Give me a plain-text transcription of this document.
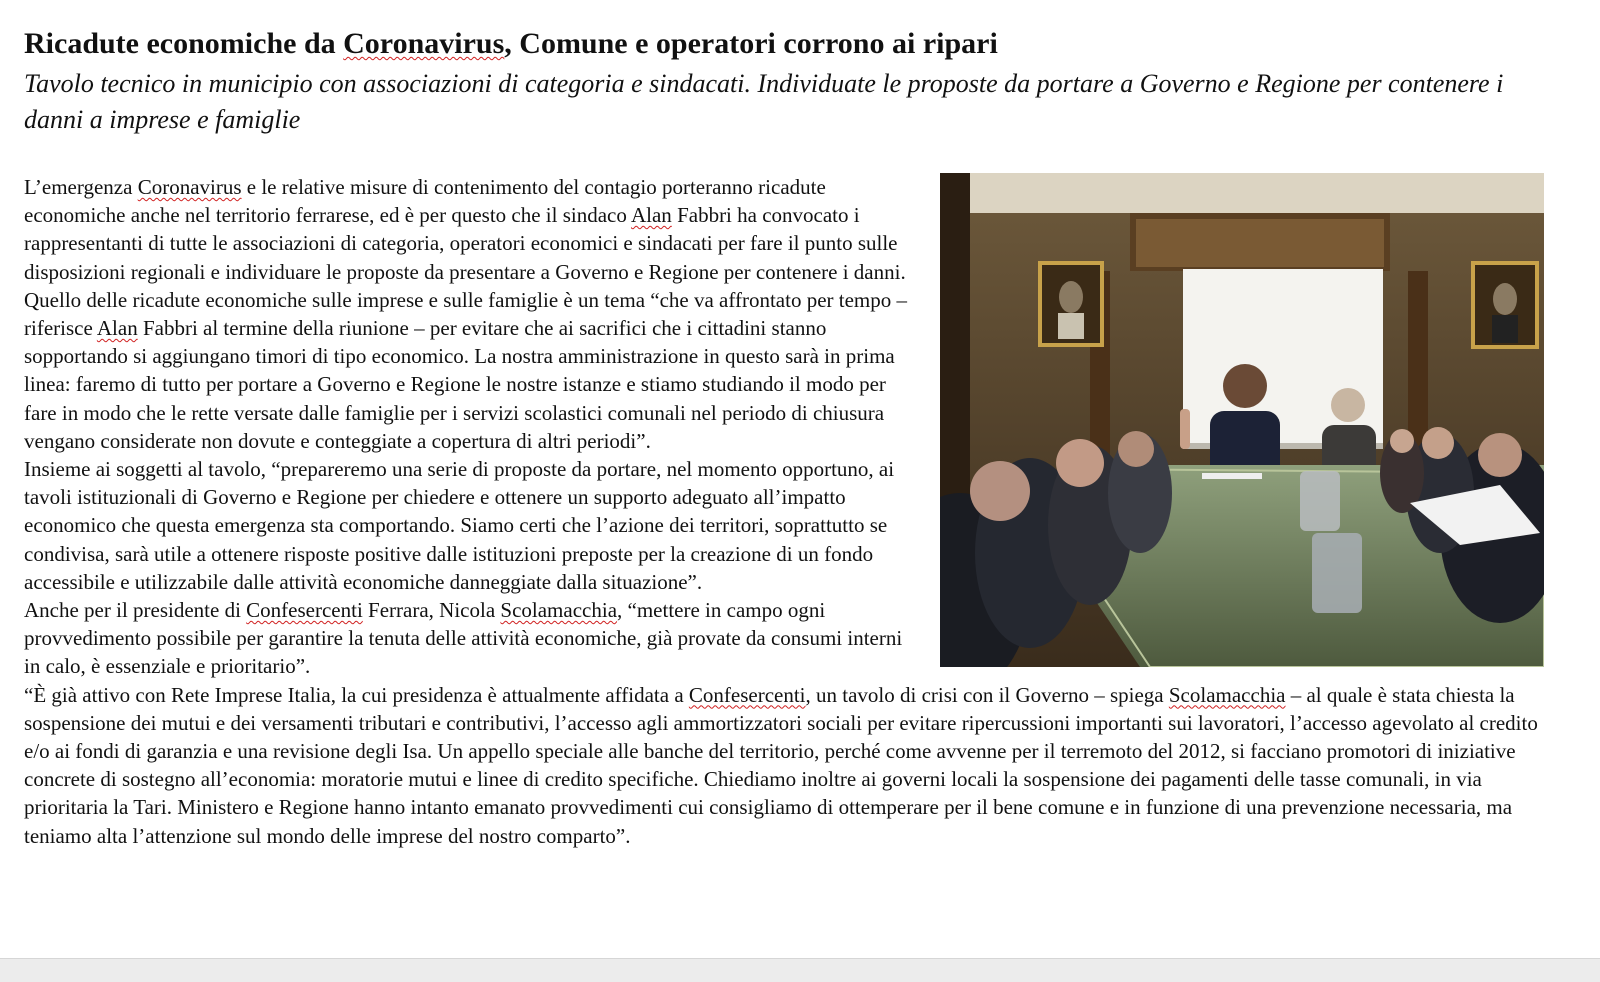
Ricadute economiche da Coronavirus, Comune e operatori corrono ai ripari

Tavolo tecnico in municipio con associazioni di categoria e sindacati. Individuate le proposte da portare a Governo e Regione per contenere i danni a imprese e famiglie

L’emergenza Coronavirus e le relative misure di contenimento del contagio porteranno ricadute economiche anche nel territorio ferrarese, ed è per questo che il sindaco Alan Fabbri ha convocato i rappresentanti di tutte le associazioni di categoria, operatori economici e sindacati per fare il punto sulle disposizioni regionali e individuare le proposte da presentare a Governo e Regione per contenere i danni.

Quello delle ricadute economiche sulle imprese e sulle famiglie è un tema “che va affrontato per tempo – riferisce Alan Fabbri al termine della riunione – per evitare che ai sacrifici che i cittadini stanno sopportando si aggiungano timori di tipo economico. La nostra amministrazione in questo sarà in prima linea: faremo di tutto per portare a Governo e Regione le nostre istanze e stiamo studiando il modo per fare in modo che le rette versate dalle famiglie per i servizi scolastici comunali nel periodo di chiusura vengano considerate non dovute e conteggiate a copertura di altri periodi”.

Insieme ai soggetti al tavolo, “prepareremo una serie di proposte da portare, nel momento opportuno, ai tavoli istituzionali di Governo e Regione per chiedere e ottenere un supporto adeguato all’impatto economico che questa emergenza sta comportando. Siamo certi che l’azione dei territori, soprattutto se condivisa, sarà utile a ottenere risposte positive dalle istituzioni preposte per la creazione di un fondo accessibile e utilizzabile dalle attività economiche danneggiate dalla situazione”.

Anche per il presidente di Confesercenti Ferrara, Nicola Scolamacchia, “mettere in campo ogni provvedimento possibile per garantire la tenuta delle attività economiche, già provate da consumi interni in calo, è essenziale e prioritario”.

“È già attivo con Rete Imprese Italia, la cui presidenza è attualmente affidata a Confesercenti, un tavolo di crisi con il Governo – spiega Scolamacchia – al quale è stata chiesta la sospensione dei mutui e dei versamenti tributari e contributivi, l’accesso agli ammortizzatori sociali per evitare ripercussioni importanti sui lavoratori, l’accesso agevolato al credito e/o ai fondi di garanzia e una revisione degli Isa. Un appello speciale alle banche del territorio, perché come avvenne per il terremoto del 2012, si facciano promotori di iniziative concrete di sostegno all’economia: moratorie mutui e linee di credito specifiche. Chiediamo inoltre ai governi locali la sospensione dei pagamenti delle tasse comunali, in via prioritaria la Tari. Ministero e Regione hanno intanto emanato provvedimenti cui consigliamo di ottemperare per il bene comune e in funzione di una prevenzione necessaria, ma teniamo alta l’attenzione sul mondo delle imprese del nostro comparto”.
